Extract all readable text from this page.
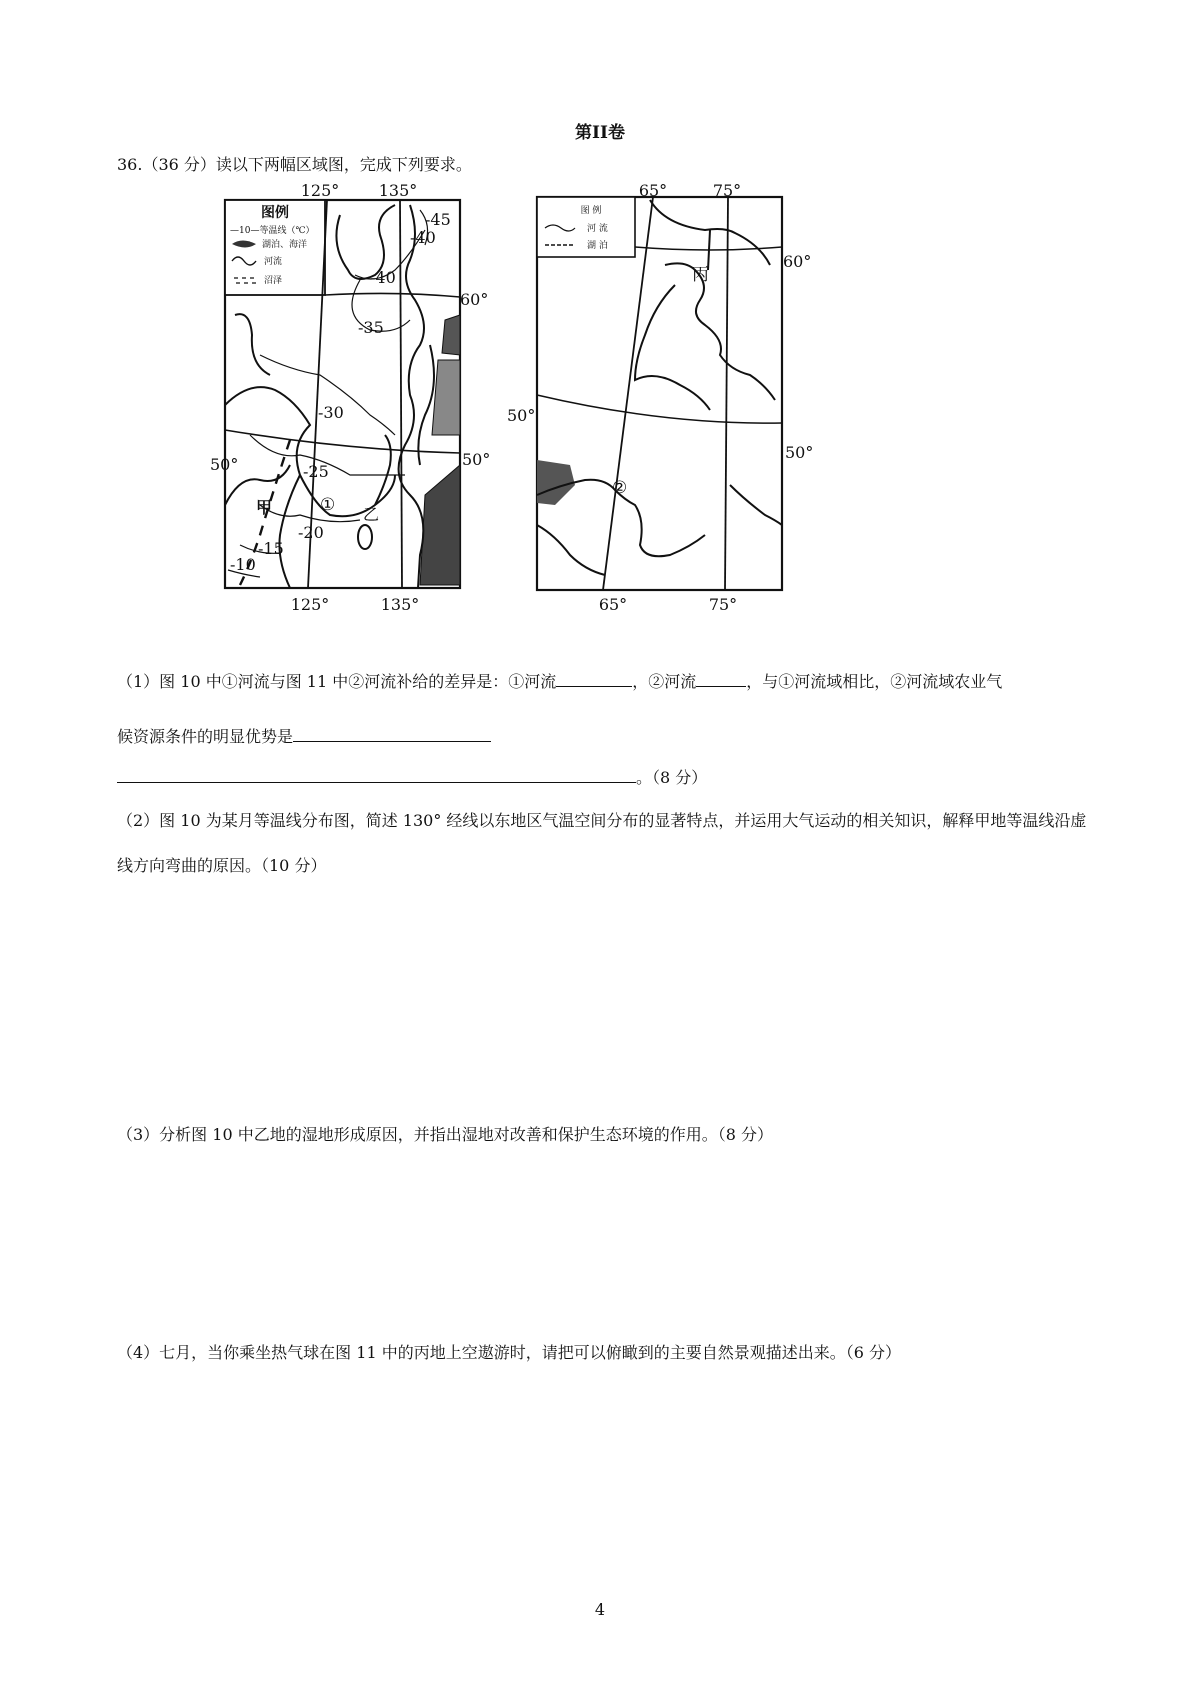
第II卷
36.（36 分）读以下两幅区域图，完成下列要求。
125° 135°
125°	135°
60°
50°	50°
图例
—10—等温线（℃）
湖泊、海洋
河流
沼泽
-45
-40
-40
-35
-30
-25
-20
-15
-10
甲	乙
①
65°	75°
65°	75°
60°
50°
50°
图 例
河 流
湖 泊
丙
②
（1）图 10 中①河流与图 11 中②河流补给的差异是：①河流	，②河流	，与①河流域相比，②河流域农业气
候资源条件的明显优势是
。（8 分）
（2）图 10 为某月等温线分布图，简述 130° 经线以东地区气温空间分布的显著特点，并运用大气运动的相关知识，解释甲地等温线沿虚线方向弯曲的原因。（10 分）
（3）分析图 10 中乙地的湿地形成原因，并指出湿地对改善和保护生态环境的作用。（8 分）
（4）七月，当你乘坐热气球在图 11 中的丙地上空遨游时，请把可以俯瞰到的主要自然景观描述出来。（6 分）
4
